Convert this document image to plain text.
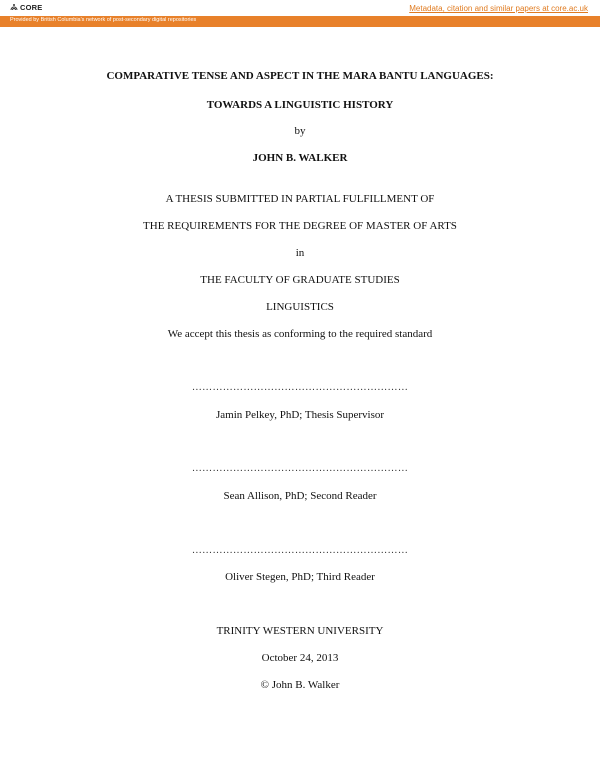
CORE	Metadata, citation and similar papers at core.ac.uk
Provided by British Columbia's network of post-secondary digital repositories
COMPARATIVE TENSE AND ASPECT IN THE MARA BANTU LANGUAGES:
TOWARDS A LINGUISTIC HISTORY
by
JOHN B. WALKER
A THESIS SUBMITTED IN PARTIAL FULFILLMENT OF
THE REQUIREMENTS FOR THE DEGREE OF MASTER OF ARTS
in
THE FACULTY OF GRADUATE STUDIES
LINGUISTICS
We accept this thesis as conforming to the required standard
………………………………………………………
Jamin Pelkey, PhD; Thesis Supervisor
………………………………………………………
Sean Allison, PhD; Second Reader
………………………………………………………
Oliver Stegen, PhD; Third Reader
TRINITY WESTERN UNIVERSITY
October 24, 2013
© John B. Walker
